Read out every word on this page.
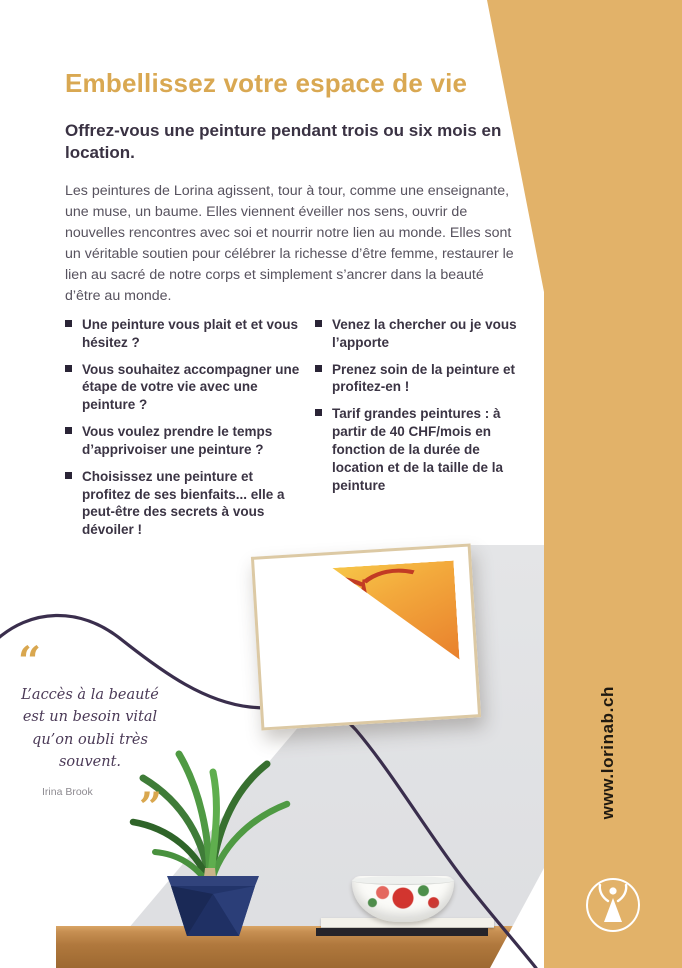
Embellissez votre espace de vie
Offrez-vous une peinture pendant trois ou six mois en location.

Les peintures de Lorina agissent, tour à tour, comme une enseignante, une muse, un baume. Elles viennent éveiller nos sens, ouvrir de nouvelles rencontres avec soi et nourrir notre lien au monde. Elles sont un véritable soutien pour célébrer la richesse d’être femme, restaurer le lien au sacré de notre corps et simplement s’ancrer dans la beauté d’être au monde.

Une peinture vous plait et et vous hésitez ?
Vous souhaitez accompagner une étape de votre vie avec une peinture ?
Vous voulez prendre le temps d’apprivoiser une peinture ?
Choisissez une peinture et profitez de ses bienfaits... elle a peut-être des secrets à vous dévoiler !
Venez la chercher ou je vous l’apporte
Prenez soin de la peinture et profitez-en !
Tarif grandes peintures : à partir de 40 CHF/mois en fonction de la durée de location et de la taille de la peinture
“
L’accès à la beauté
est un besoin vital
qu’on oubli très
souvent.
Irina Brook	”	www.lorinab.ch
